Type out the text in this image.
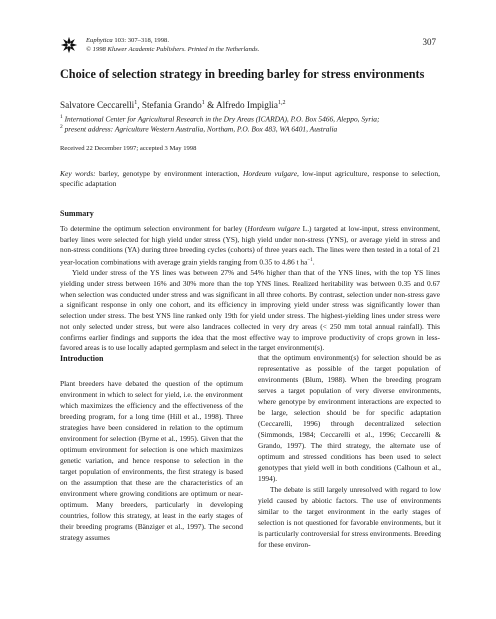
Euphytica 103: 307–318, 1998.
© 1998 Kluwer Academic Publishers. Printed in the Netherlands.
307
Choice of selection strategy in breeding barley for stress environments
Salvatore Ceccarelli$^1$, Stefania Grando$^1$ & Alfredo Impiglia$^{1,2}$
$^1$ International Center for Agricultural Research in the Dry Areas (ICARDA), P.O. Box 5466, Aleppo, Syria;
$^2$ present address: Agriculture Western Australia, Northam, P.O. Box 483, WA 6401, Australia
Received 22 December 1997; accepted 3 May 1998
Key words: barley, genotype by environment interaction, Hordeum vulgare, low-input agriculture, response to selection, specific adaptation
Summary

To determine the optimum selection environment for barley (Hordeum vulgare L.) targeted at low-input, stress environment, barley lines were selected for high yield under stress (YS), high yield under non-stress (YNS), or average yield in stress and non-stress conditions (YA) during three breeding cycles (cohorts) of three years each. The lines were then tested in a total of 21 year-location combinations with average grain yields ranging from 0.35 to 4.86 t $ha^{-1}$.

Yield under stress of the YS lines was between 27% and 54% higher than that of the YNS lines, with the top YS lines yielding under stress between 16% and 30% more than the top YNS lines. Realized heritability was between 0.35 and 0.67 when selection was conducted under stress and was significant in all three cohorts. By contrast, selection under non-stress gave a significant response in only one cohort, and its efficiency in improving yield under stress was significantly lower than selection under stress. The best YNS line ranked only 19th for yield under stress. The highest-yielding lines under stress were not only selected under stress, but were also landraces collected in very dry areas (< 250 mm total annual rainfall). This confirms earlier findings and supports the idea that the most effective way to improve productivity of crops grown in less-favored areas is to use locally adapted germplasm and select in the target environment(s).

Introduction

Plant breeders have debated the question of the optimum environment in which to select for yield, i.e. the environment which maximizes the efficiency and the effectiveness of the breeding program, for a long time (Hill et al., 1998). Three strategies have been considered in relation to the optimum environment for selection (Byrne et al., 1995). Given that the optimum environment for selection is one which maximizes genetic variation, and hence response to selection in the target population of environments, the first strategy is based on the assumption that these are the characteristics of an environment where growing conditions are optimum or near-optimum. Many breeders, particularly in developing countries, follow this strategy, at least in the early stages of their breeding programs (Bänziger et al., 1997). The second strategy assumes

that the optimum environment(s) for selection should be as representative as possible of the target population of environments (Blum, 1988). When the breeding program serves a target population of very diverse environments, where genotype by environment interactions are expected to be large, selection should be for specific adaptation (Ceccarelli, 1996) through decentralized selection (Simmonds, 1984; Ceccarelli et al., 1996; Ceccarelli & Grando, 1997). The third strategy, the alternate use of optimum and stressed conditions has been used to select genotypes that yield well in both conditions (Calhoun et al., 1994).

The debate is still largely unresolved with regard to low yield caused by abiotic factors. The use of environments similar to the target environment in the early stages of selection is not questioned for favorable environments, but it is particularly controversial for stress environments. Breeding for these environ-
